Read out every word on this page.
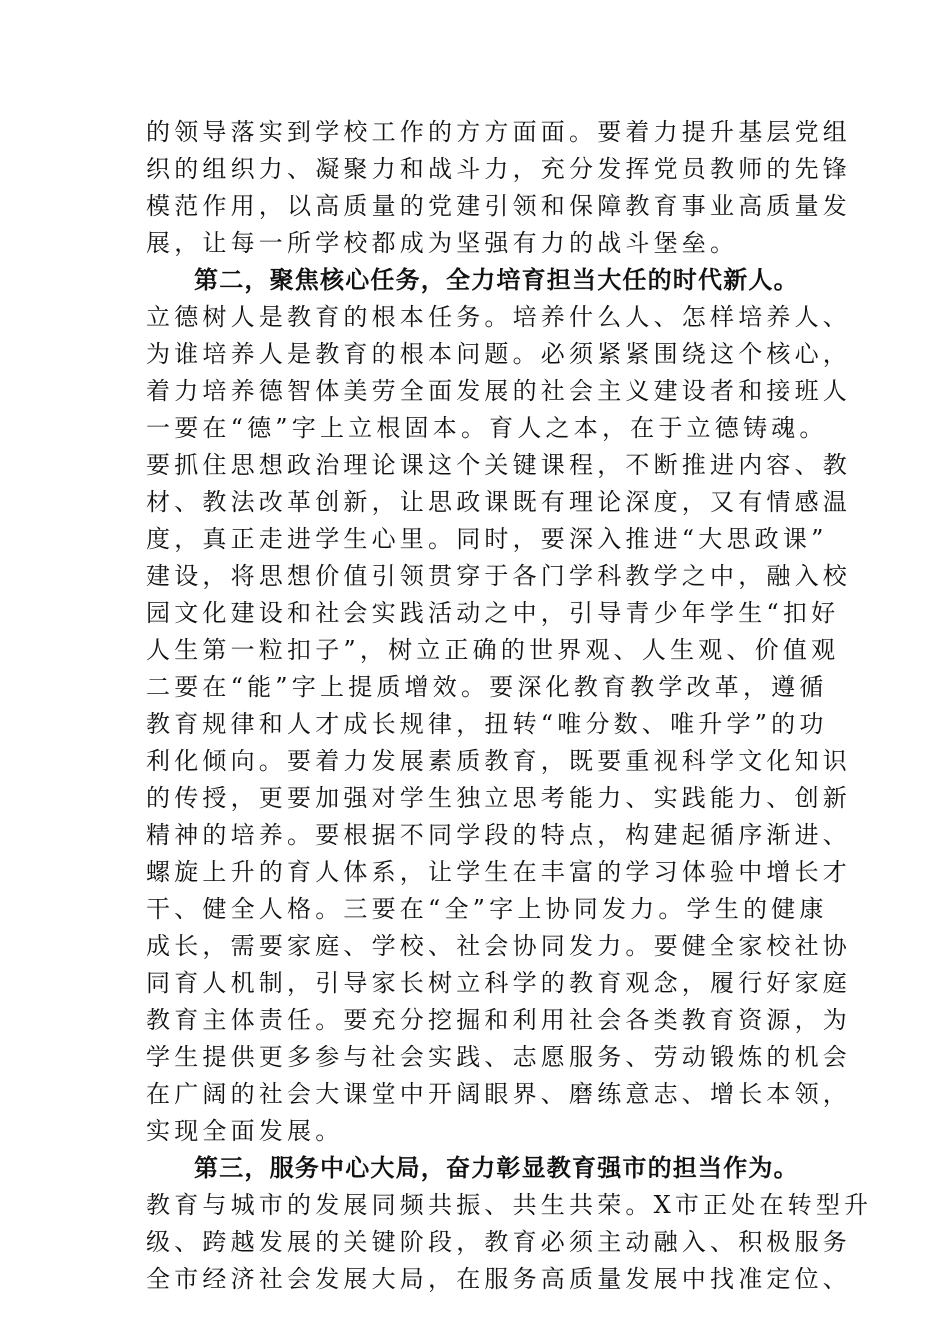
的领导落实到学校工作的方方面面。要着力提升基层党组
织的组织力、凝聚力和战斗力，充分发挥党员教师的先锋
模范作用，以高质量的党建引领和保障教育事业高质量发
展，让每一所学校都成为坚强有力的战斗堡垒。
第二，聚焦核心任务，全力培育担当大任的时代新人。
立德树人是教育的根本任务。培养什么人、怎样培养人、
为谁培养人是教育的根本问题。必须紧紧围绕这个核心，
着力培养德智体美劳全面发展的社会主义建设者和接班人
一要在“德”字上立根固本。育人之本，在于立德铸魂。
要抓住思想政治理论课这个关键课程，不断推进内容、教
材、教法改革创新，让思政课既有理论深度，又有情感温
度，真正走进学生心里。同时，要深入推进“大思政课”
建设，将思想价值引领贯穿于各门学科教学之中，融入校
园文化建设和社会实践活动之中，引导青少年学生“扣好
人生第一粒扣子”，树立正确的世界观、人生观、价值观
二要在“能”字上提质增效。要深化教育教学改革，遵循
教育规律和人才成长规律，扭转“唯分数、唯升学”的功
利化倾向。要着力发展素质教育，既要重视科学文化知识
的传授，更要加强对学生独立思考能力、实践能力、创新
精神的培养。要根据不同学段的特点，构建起循序渐进、
螺旋上升的育人体系，让学生在丰富的学习体验中增长才
干、健全人格。三要在“全”字上协同发力。学生的健康
成长，需要家庭、学校、社会协同发力。要健全家校社协
同育人机制，引导家长树立科学的教育观念，履行好家庭
教育主体责任。要充分挖掘和利用社会各类教育资源，为
学生提供更多参与社会实践、志愿服务、劳动锻炼的机会
在广阔的社会大课堂中开阔眼界、磨练意志、增长本领，
实现全面发展。
第三，服务中心大局，奋力彰显教育强市的担当作为。
教育与城市的发展同频共振、共生共荣。X市正处在转型升
级、跨越发展的关键阶段，教育必须主动融入、积极服务
全市经济社会发展大局，在服务高质量发展中找准定位、
